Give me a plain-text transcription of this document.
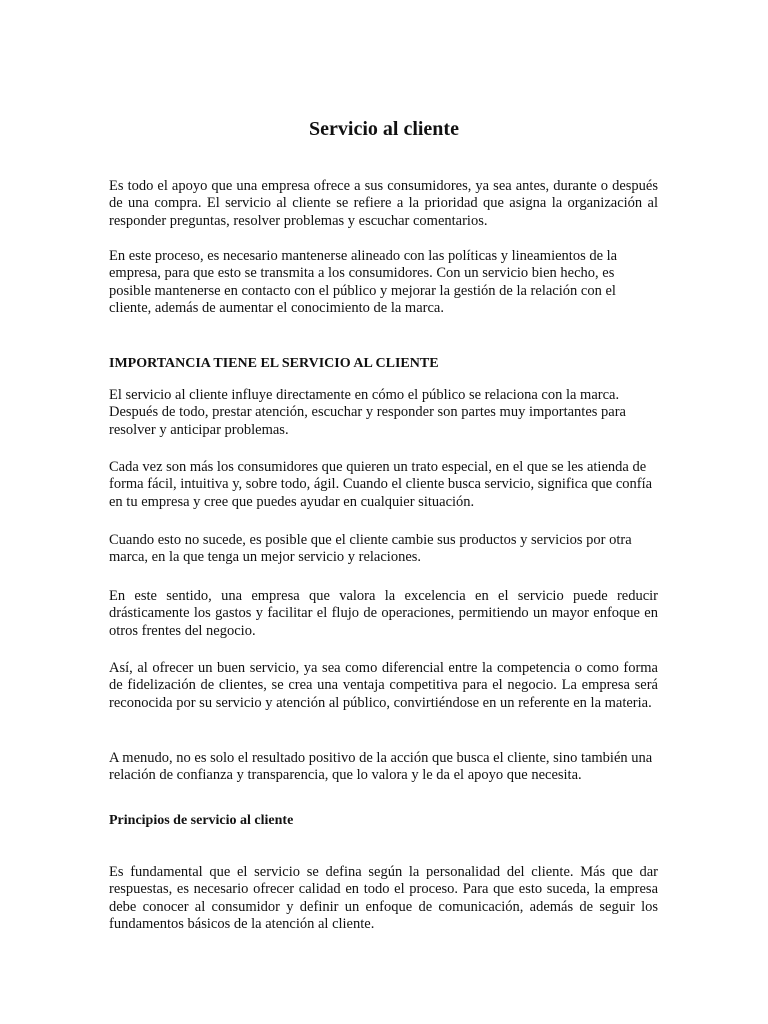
Servicio al cliente

Es todo el apoyo que una empresa ofrece a sus consumidores, ya sea antes, durante o después de una compra. El servicio al cliente se refiere a la prioridad que asigna la organización al responder preguntas, resolver problemas y escuchar comentarios.

En este proceso, es necesario mantenerse alineado con las políticas y lineamientos de la empresa, para que esto se transmita a los consumidores. Con un servicio bien hecho, es posible mantenerse en contacto con el público y mejorar la gestión de la relación con el cliente, además de aumentar el conocimiento de la marca.

IMPORTANCIA TIENE EL SERVICIO AL CLIENTE

El servicio al cliente influye directamente en cómo el público se relaciona con la marca. Después de todo, prestar atención, escuchar y responder son partes muy importantes para resolver y anticipar problemas.

Cada vez son más los consumidores que quieren un trato especial, en el que se les atienda de forma fácil, intuitiva y, sobre todo, ágil. Cuando el cliente busca servicio, significa que confía en tu empresa y cree que puedes ayudar en cualquier situación.

Cuando esto no sucede, es posible que el cliente cambie sus productos y servicios por otra marca, en la que tenga un mejor servicio y relaciones.

En este sentido, una empresa que valora la excelencia en el servicio puede reducir drásticamente los gastos y facilitar el flujo de operaciones, permitiendo un mayor enfoque en otros frentes del negocio.

Así, al ofrecer un buen servicio, ya sea como diferencial entre la competencia o como forma de fidelización de clientes, se crea una ventaja competitiva para el negocio. La empresa será reconocida por su servicio y atención al público, convirtiéndose en un referente en la materia.

A menudo, no es solo el resultado positivo de la acción que busca el cliente, sino también una relación de confianza y transparencia, que lo valora y le da el apoyo que necesita.

Principios de servicio al cliente

Es fundamental que el servicio se defina según la personalidad del cliente. Más que dar respuestas, es necesario ofrecer calidad en todo el proceso. Para que esto suceda, la empresa debe conocer al consumidor y definir un enfoque de comunicación, además de seguir los fundamentos básicos de la atención al cliente.
